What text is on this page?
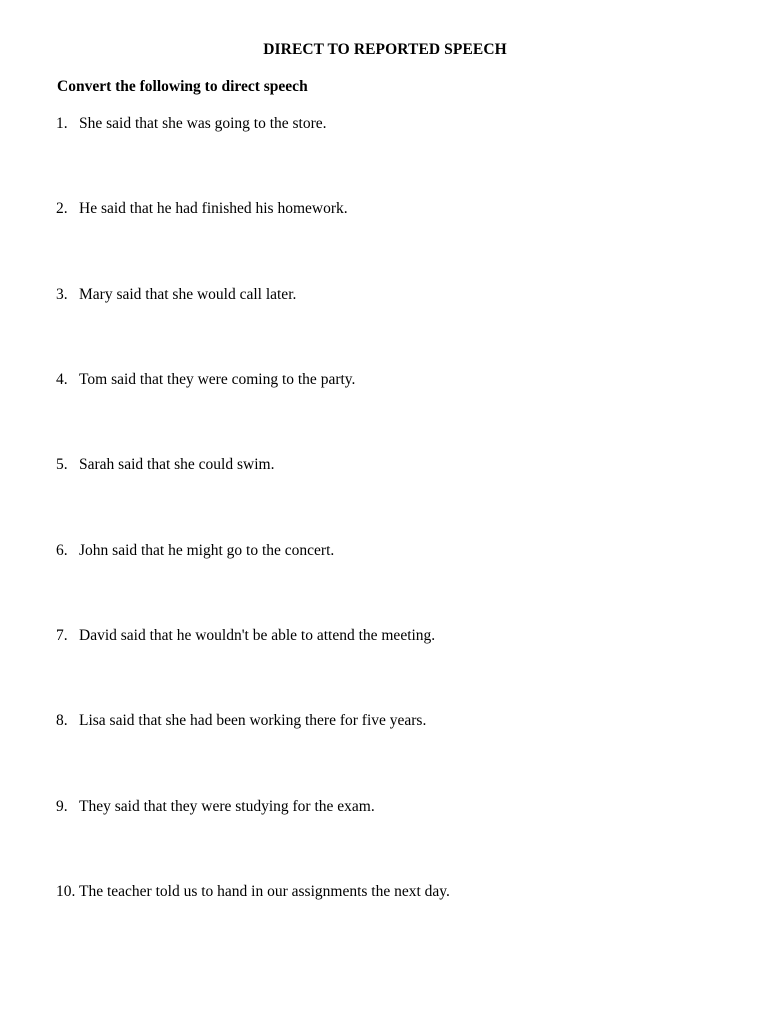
DIRECT TO REPORTED SPEECH
Convert the following to direct speech
1. She said that she was going to the store.
2. He said that he had finished his homework.
3. Mary said that she would call later.
4. Tom said that they were coming to the party.
5. Sarah said that she could swim.
6. John said that he might go to the concert.
7. David said that he wouldn't be able to attend the meeting.
8. Lisa said that she had been working there for five years.
9. They said that they were studying for the exam.
10. The teacher told us to hand in our assignments the next day.
